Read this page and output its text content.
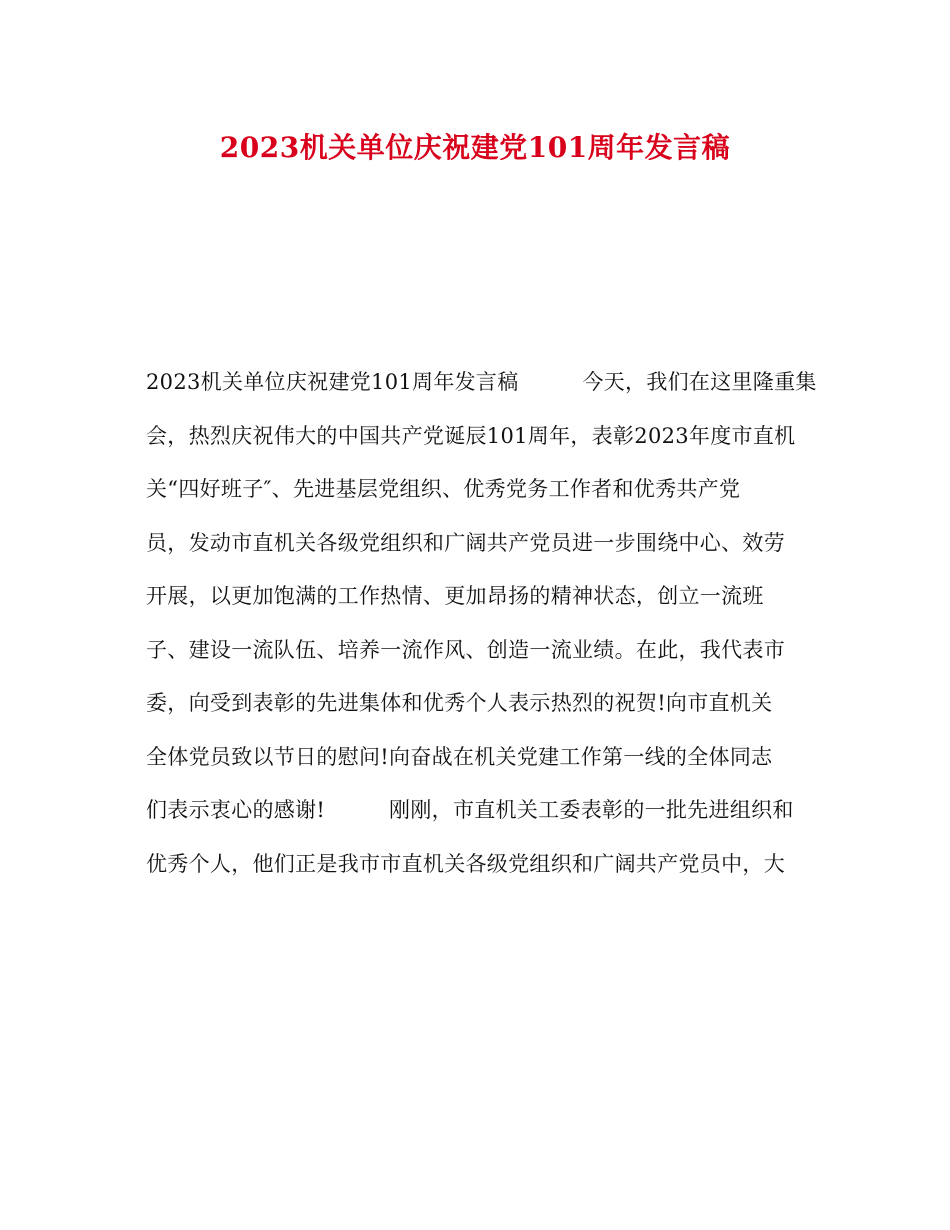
2023机关单位庆祝建党101周年发言稿
2023机关单位庆祝建党101周年发言稿　　　今天，我们在这里隆重集
会，热烈庆祝伟大的中国共产党诞辰101周年，表彰2023年度市直机
关“四好班子″、先进基层党组织、优秀党务工作者和优秀共产党
员，发动市直机关各级党组织和广阔共产党员进一步围绕中心、效劳
开展，以更加饱满的工作热情、更加昂扬的精神状态，创立一流班
子、建设一流队伍、培养一流作风、创造一流业绩。在此，我代表市
委，向受到表彰的先进集体和优秀个人表示热烈的祝贺!向市直机关
全体党员致以节日的慰问!向奋战在机关党建工作第一线的全体同志
们表示衷心的感谢!　　　刚刚，市直机关工委表彰的一批先进组织和
优秀个人，他们正是我市市直机关各级党组织和广阔共产党员中，大
